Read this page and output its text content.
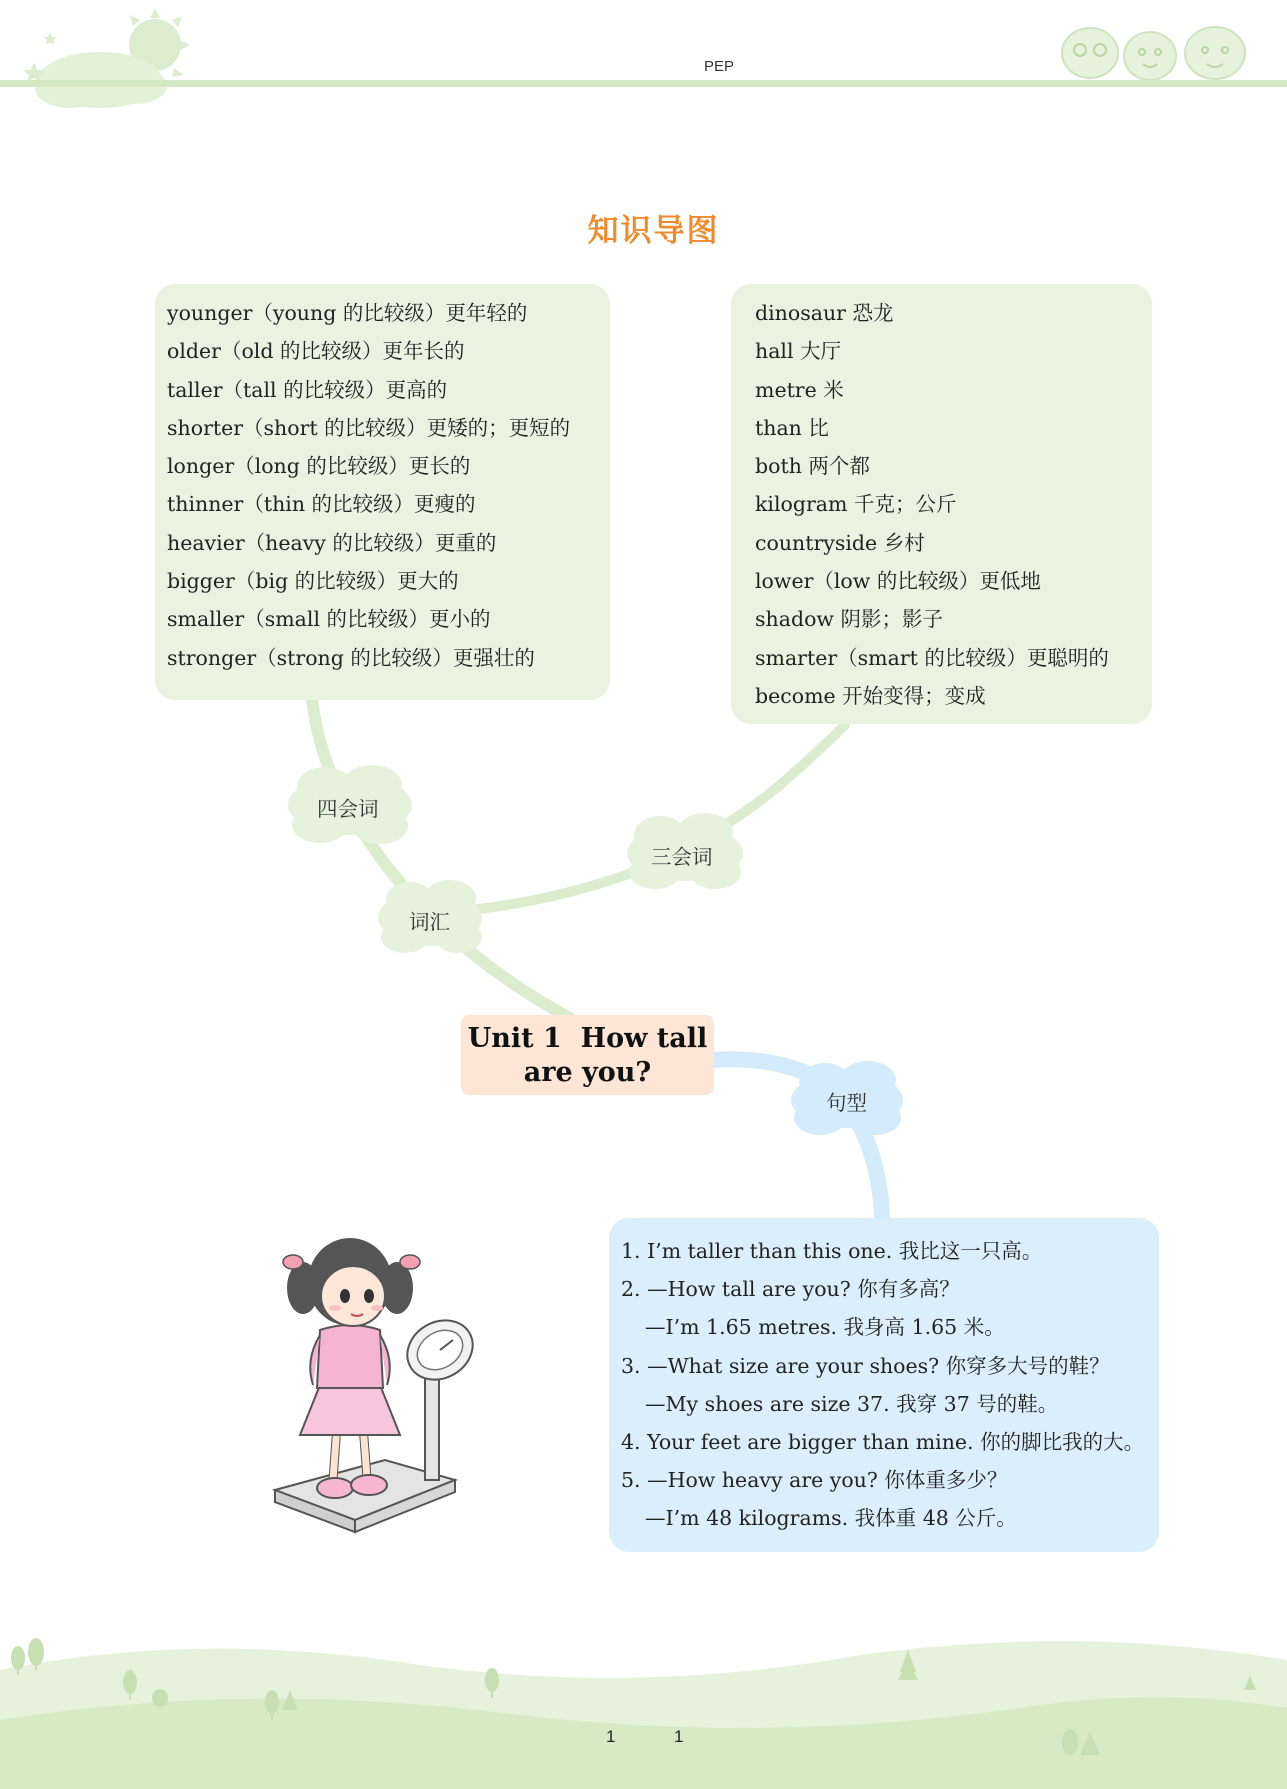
PEP
知识导图
四会词
三会词
词汇
句型
younger（young 的比较级）更年轻的
older（old 的比较级）更年长的
taller（tall 的比较级）更高的
shorter（short 的比较级）更矮的；更短的
longer（long 的比较级）更长的
thinner（thin 的比较级）更瘦的
heavier（heavy 的比较级）更重的
bigger（big 的比较级）更大的
smaller（small 的比较级）更小的
stronger（strong 的比较级）更强壮的
dinosaur 恐龙
hall 大厅
metre 米
than 比
both 两个都
kilogram 千克；公斤
countryside 乡村
lower（low 的比较级）更低地
shadow 阴影；影子
smarter（smart 的比较级）更聪明的
become 开始变得；变成
Unit 1  How tall
are you?
1. I’m taller than this one. 我比这一只高。
2. —How tall are you? 你有多高？
—I’m 1.65 metres. 我身高 1.65 米。
3. —What size are your shoes? 你穿多大号的鞋？
—My shoes are size 37. 我穿 37 号的鞋。
4. Your feet are bigger than mine. 你的脚比我的大。
5. —How heavy are you? 你体重多少？
—I’m 48 kilograms. 我体重 48 公斤。
1	1
